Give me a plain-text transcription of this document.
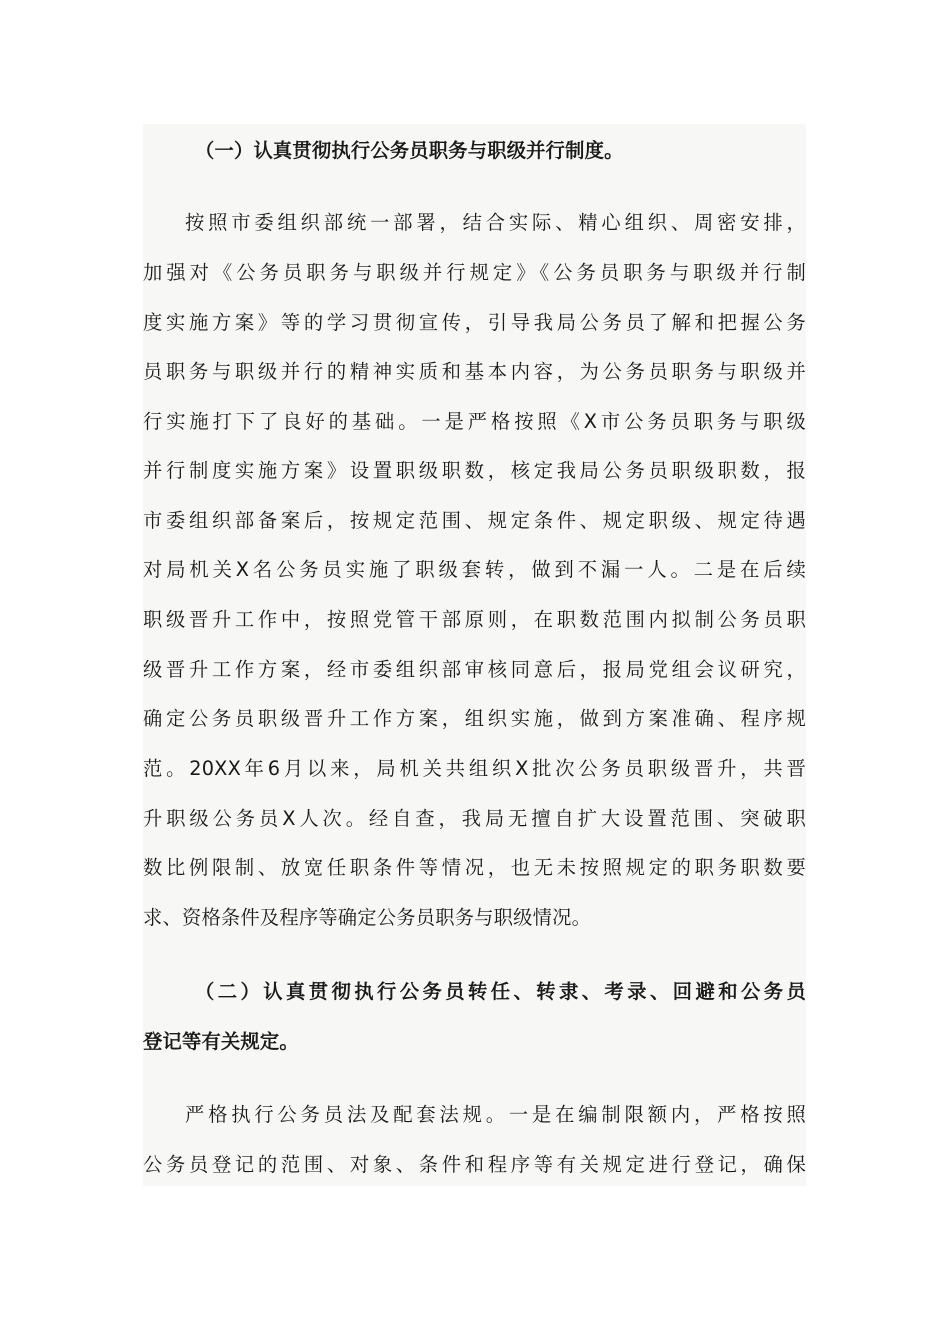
（一）认真贯彻执行公务员职务与职级并行制度。
按照市委组织部统一部署，结合实际、精心组织、周密安排，
加强对《公务员职务与职级并行规定》《公务员职务与职级并行制
度实施方案》等的学习贯彻宣传，引导我局公务员了解和把握公务
员职务与职级并行的精神实质和基本内容，为公务员职务与职级并
行实施打下了良好的基础。一是严格按照《X市公务员职务与职级
并行制度实施方案》设置职级职数，核定我局公务员职级职数，报
市委组织部备案后，按规定范围、规定条件、规定职级、规定待遇
对局机关X名公务员实施了职级套转，做到不漏一人。二是在后续
职级晋升工作中，按照党管干部原则，在职数范围内拟制公务员职
级晋升工作方案，经市委组织部审核同意后，报局党组会议研究，
确定公务员职级晋升工作方案，组织实施，做到方案准确、程序规
范。20XX年6月以来，局机关共组织X批次公务员职级晋升，共晋
升职级公务员X人次。经自查，我局无擅自扩大设置范围、突破职
数比例限制、放宽任职条件等情况，也无未按照规定的职务职数要
求、资格条件及程序等确定公务员职务与职级情况。
（二）认真贯彻执行公务员转任、转隶、考录、回避和公务员
登记等有关规定。
严格执行公务员法及配套法规。一是在编制限额内，严格按照
公务员登记的范围、对象、条件和程序等有关规定进行登记，确保
